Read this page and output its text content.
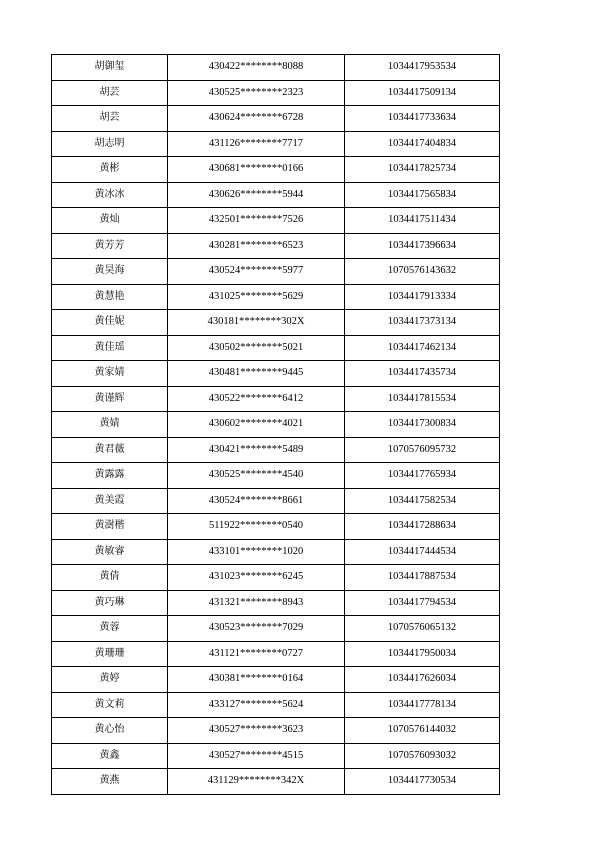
胡御玺	430422********8088	1034417953534
胡芸	430525********2323	1034417509134
胡芸	430624********6728	1034417733634
胡志明	431126********7717	1034417404834
黄彬	430681********0166	1034417825734
黄冰冰	430626********5944	1034417565834
黄灿	432501********7526	1034417511434
黄芳芳	430281********6523	1034417396634
黄昊海	430524********5977	1070576143632
黄慧艳	431025********5629	1034417913334
黄佳妮	430181********302X	1034417373134
黄佳瑶	430502********5021	1034417462134
黄家婧	430481********9445	1034417435734
黄谨辉	430522********6412	1034417815534
黄婧	430602********4021	1034417300834
黄君薇	430421********5489	1070576095732
黄露露	430525********4540	1034417765934
黄美霞	430524********8661	1034417582534
黄澍楷	511922********0540	1034417288634
黄敏睿	433101********1020	1034417444534
黄倩	431023********6245	1034417887534
黄巧琳	431321********8943	1034417794534
黄蓉	430523********7029	1070576065132
黄珊珊	431121********0727	1034417950034
黄婷	430381********0164	1034417626034
黄文莉	433127********5624	1034417778134
黄心怡	430527********3623	1070576144032
黄鑫	430527********4515	1070576093032
黄燕	431129********342X	1034417730534
